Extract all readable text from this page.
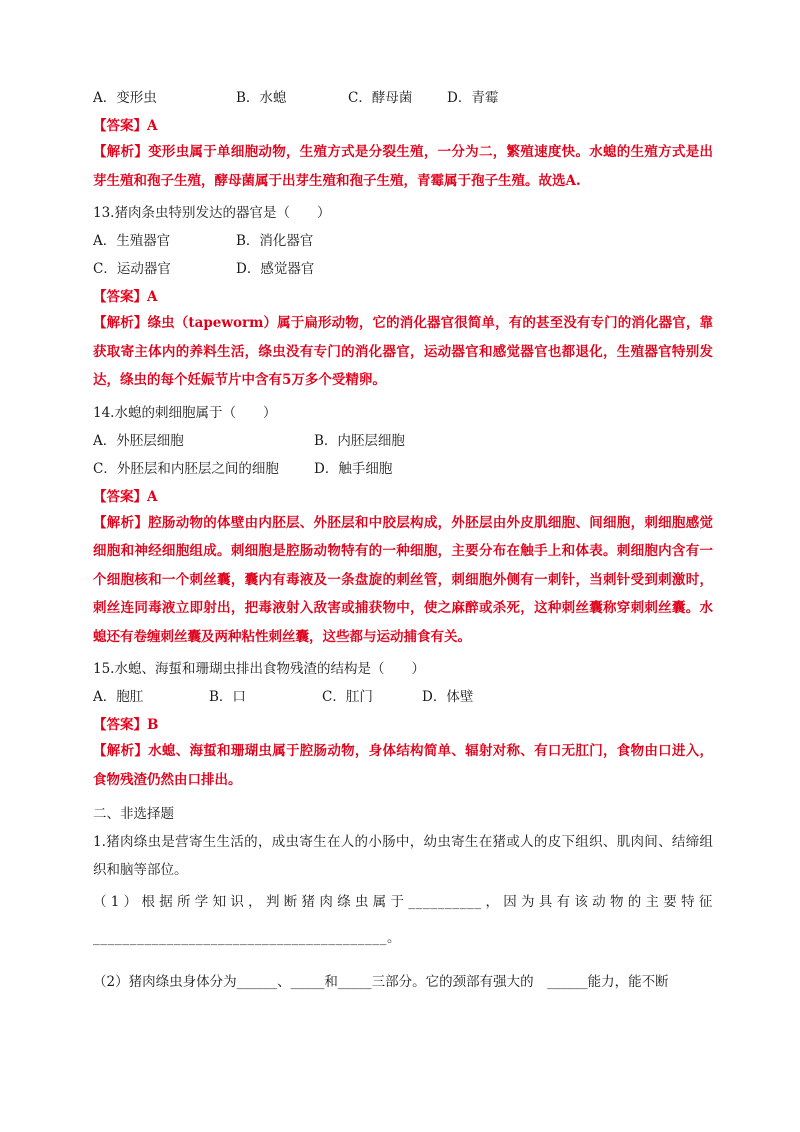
A．变形虫	B．水螅	C．酵母菌	D．青霉
【答案】A
【解析】变形虫属于单细胞动物，生殖方式是分裂生殖，一分为二，繁殖速度快。水螅的生殖方式是出芽生殖和孢子生殖，酵母菌属于出芽生殖和孢子生殖，青霉属于孢子生殖。故选A.
13.猪肉条虫特别发达的器官是（　　）
A．生殖器官	B．消化器官
C．运动器官	D．感觉器官
【答案】A
【解析】绦虫（tapeworm）属于扁形动物，它的消化器官很简单，有的甚至没有专门的消化器官，靠获取寄主体内的养料生活，绦虫没有专门的消化器官，运动器官和感觉器官也都退化，生殖器官特别发达，绦虫的每个妊娠节片中含有5万多个受精卵。
14.水螅的刺细胞属于（　　）
A．外胚层细胞	B．内胚层细胞
C．外胚层和内胚层之间的细胞	D．触手细胞
【答案】A
【解析】腔肠动物的体壁由内胚层、外胚层和中胶层构成，外胚层由外皮肌细胞、间细胞，刺细胞感觉细胞和神经细胞组成。刺细胞是腔肠动物特有的一种细胞，主要分布在触手上和体表。刺细胞内含有一个细胞核和一个刺丝囊，囊内有毒液及一条盘旋的刺丝管，刺细胞外侧有一刺针，当刺针受到刺激时，刺丝连同毒液立即射出，把毒液射入敌害或捕获物中，使之麻醉或杀死，这种刺丝囊称穿刺刺丝囊。水螅还有卷缠刺丝囊及两种粘性刺丝囊，这些都与运动捕食有关。
15.水螅、海蜇和珊瑚虫排出食物残渣的结构是（　　）
A．胞肛	B．口	C．肛门	D．体壁
【答案】B
【解析】水螅、海蜇和珊瑚虫属于腔肠动物，身体结构简单、辐射对称、有口无肛门，食物由口进入，食物残渣仍然由口排出。
二、非选择题
1.猪肉绦虫是营寄生生活的，成虫寄生在人的小肠中，幼虫寄生在猪或人的皮下组织、肌肉间、结缔组织和脑等部位。
（1）根据所学知识，判断猪肉绦虫属于__________，因为具有该动物的主要特征________________________________________。
（2）猪肉绦虫身体分为______、_____和_____三部分。它的颈部有强大的　______能力，能不断
